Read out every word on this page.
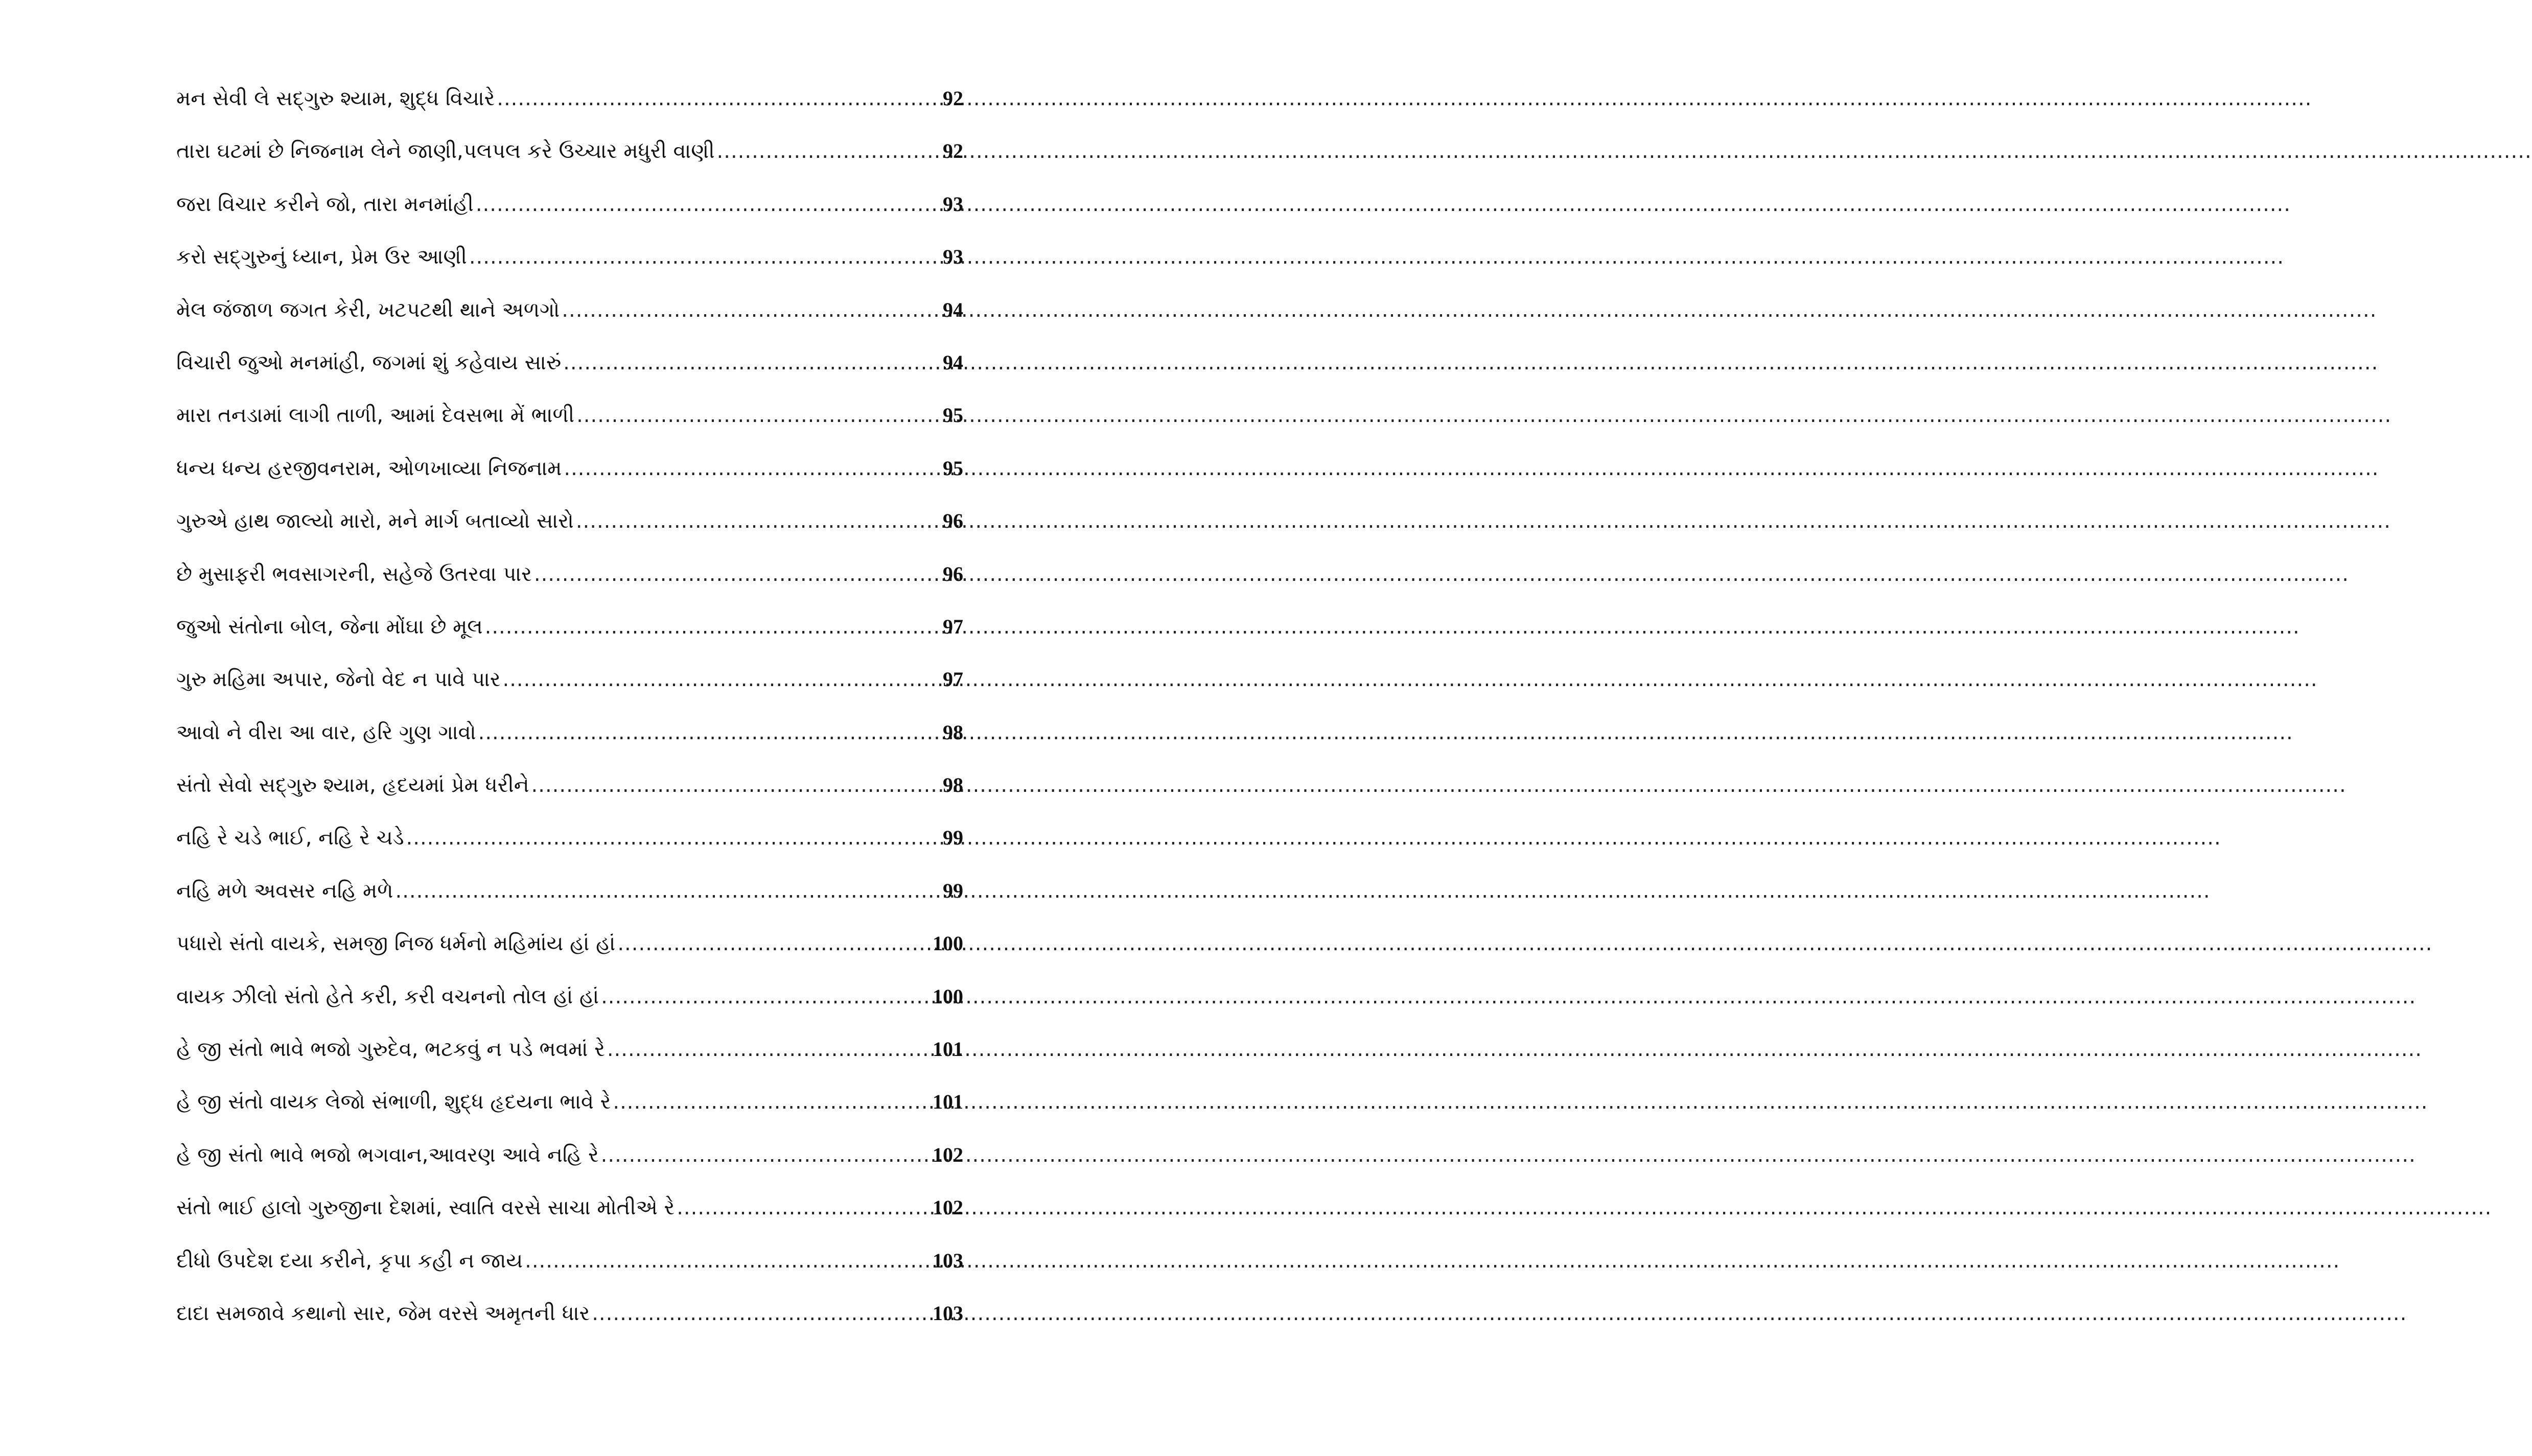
મન સેવી લે સદ્‌ગુરુ શ્યામ, શુદ્ધ વિચારે .....	92
તારા ઘટમાં છે નિજનામ લેને જાણી,પલપલ કરે ઉચ્ચાર મધુરી વાણી .....	92
જરા વિચાર કરીને જો, તારા મનમાંહી .....	93
કરો સદ્‌ગુરુનું ધ્યાન, પ્રેમ ઉર આણી .....	93
મેલ જંજાળ જગત કેરી, ખટપટથી થાને અળગો .....	94
વિચારી જુઓ મનમાંહી, જગમાં શું કહેવાય સારું .....	94
મારા તનડામાં લાગી તાળી, આમાં દેવસભા મેં ભાળી .....	95
ધન્ય ધન્ય હરજીવનરામ, ઓળખાવ્યા નિજનામ .....	95
ગુરુએ હાથ જાલ્યો મારો, મને માર્ગ બતાવ્યો સારો .....	96
છે મુસાફરી ભવસાગરની, સહેજે ઉતરવા પાર .....	96
જુઓ સંતોના બોલ, જેના મોંઘા છે મૂલ .....	97
ગુરુ મહિમા અપાર, જેનો વેદ ન પાવે પાર .....	97
આવો ને વીરા આ વાર, હરિ ગુણ ગાવો .....	98
સંતો સેવો સદ્‌ગુરુ શ્યામ, હૃદયમાં પ્રેમ ધરીને .....	98
નહિ રે ચડે ભાઈ, નહિ રે ચડે .....	99
નહિ મળે અવસર નહિ મળે .....	99
પધારો સંતો વાયકે, સમજી નિજ ધર્મનો મહિમાંય હાં હાં .....	100
વાયક ઝીલો સંતો હેતે કરી, કરી વચનનો તોલ હાં હાં .....	100
હે જી સંતો ભાવે ભજો ગુરુદેવ, ભટકવું ન પડે ભવમાં રે .....	101
હે જી સંતો વાયક લેજો સંભાળી, શુદ્ધ હૃદયના ભાવે રે .....	101
હે જી સંતો ભાવે ભજો ભગવાન,આવરણ આવે નહિ રે .....	102
સંતો ભાઈ હાલો ગુરુજીના દેશમાં, સ્વાતિ વરસે સાચા મોતીએ રે .....	102
દીધો ઉપદેશ દયા કરીને, કૃપા કહી ન જાય .....	103
દાદા સમજાવે કથાનો સાર, જેમ વરસે અમૃતની ધાર .....	103
